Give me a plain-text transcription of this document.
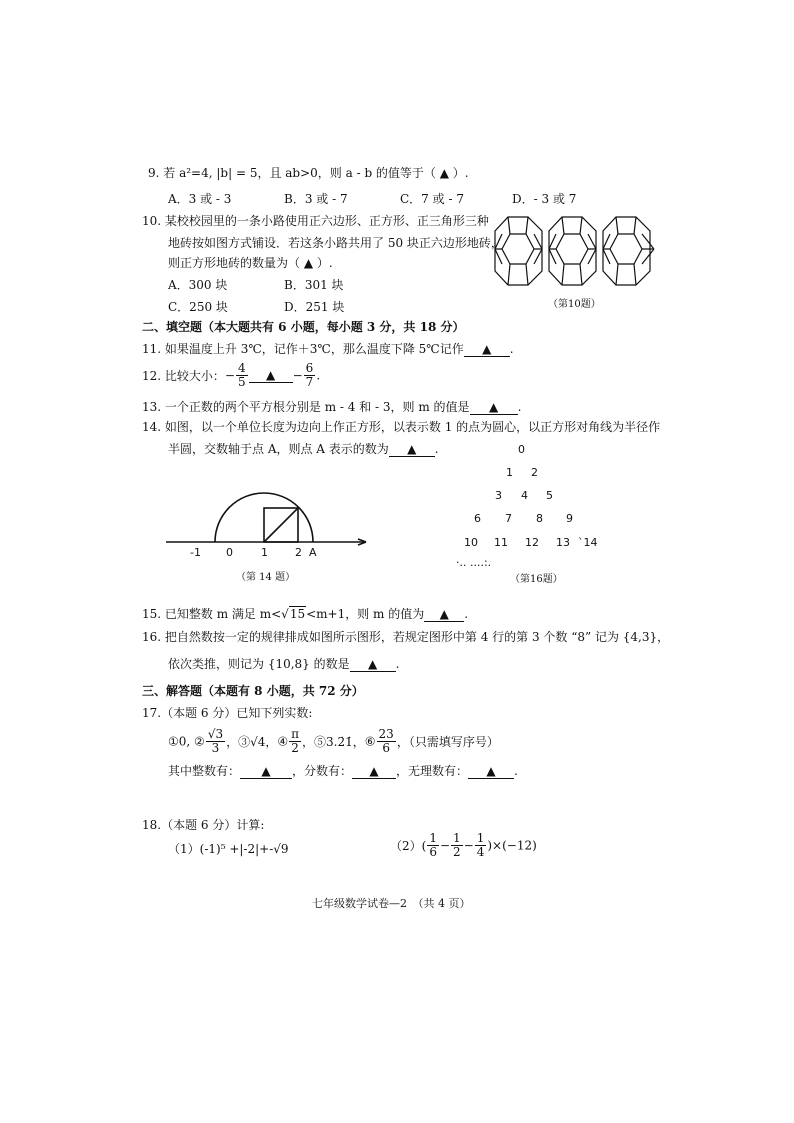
9. 若 a²=4, |b| = 5，且 ab>0，则 a - b 的值等于（ ▲ ）.
A．3 或 - 3	B．3 或 - 7	C．7 或 - 7	D．- 3 或 7
10. 某校校园里的一条小路使用正六边形、正方形、正三角形三种
地砖按如图方式铺设．若这条小路共用了 50 块正六边形地砖，
则正方形地砖的数量为（ ▲ ）.
A．300 块	B．301 块
C．250 块	D．251 块	（第10题）
二、填空题（本大题共有 6 小题，每小题 3 分，共 18 分）
11. 如果温度上升 3℃，记作＋3℃，那么温度下降 5℃记作 ▲ .
12. 比较大小：− $\frac{4}{5}$ ▲ − $\frac{6}{7}$ .
13. 一个正数的两个平方根分别是 m - 4 和 - 3，则 m 的值是 ▲ .
14. 如图，以一个单位长度为边向上作正方形，以表示数 1 的点为圆心，以正方形对角线为半径作
半圆，交数轴于点 A，则点 A 表示的数为 ▲ .
-1 0	1 2 A
（第 14 题）
0
1 2
3 4 5
6 7 8 9
10 11 12 13 `14
·.. ....:.
（第16题）
15. 已知整数 m 满足 m<√15<m+1，则 m 的值为 ▲ .
16. 把自然数按一定的规律排成如图所示图形，若规定图形中第 4 行的第 3 个数 “8” 记为 {4,3}，
依次类推，则记为 {10,8} 的数是 ▲ .
三、解答题（本题有 8 小题，共 72 分）
17.（本题 6 分）已知下列实数:
①0, ② $\frac{√3}{3}$ ，③√4，④ $\frac{\pi}{2}$ ，⑤3.2̇1̇，⑥ $\frac{23}{6}$ ，（只需填写序号）
其中整数有： ▲ ，分数有： ▲ ，无理数有： ▲ .
18.（本题 6 分）计算:
（1）(-1)⁵ +|-2|+-√9	$(2)( \frac{1}{6} - \frac{1}{2} - \frac{1}{4} )\times(-12)$
七年级数学试卷—2　（共 4 页）
